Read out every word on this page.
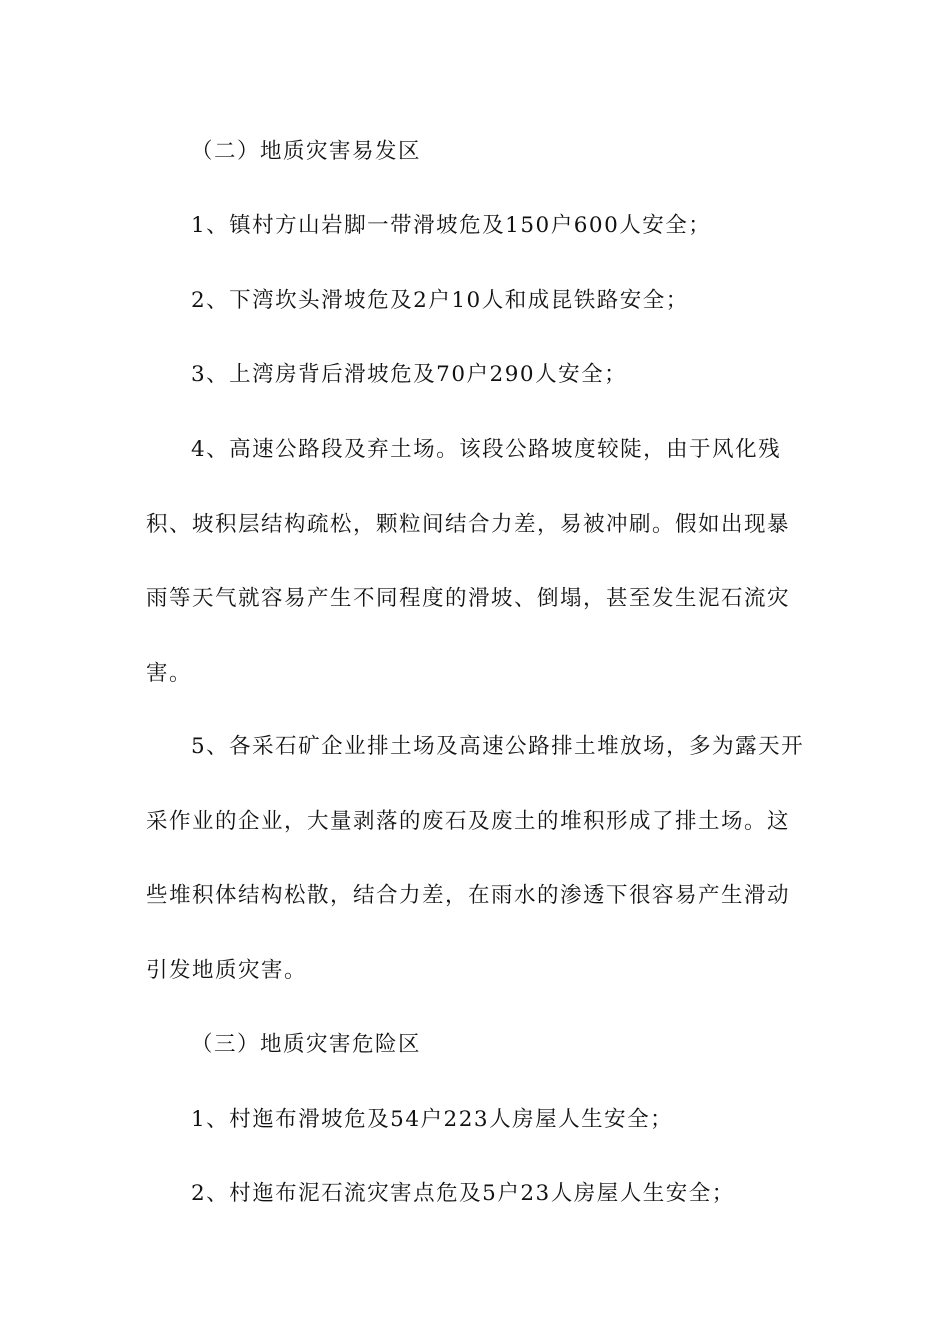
（二）地质灾害易发区

1、镇村方山岩脚一带滑坡危及150户600人安全；

2、下湾坎头滑坡危及2户10人和成昆铁路安全；

3、上湾房背后滑坡危及70户290人安全；

4、高速公路段及弃土场。该段公路坡度较陡，由于风化残积、坡积层结构疏松，颗粒间结合力差，易被冲刷。假如出现暴雨等天气就容易产生不同程度的滑坡、倒塌，甚至发生泥石流灾害。

5、各采石矿企业排土场及高速公路排土堆放场，多为露天开采作业的企业，大量剥落的废石及废土的堆积形成了排土场。这些堆积体结构松散，结合力差，在雨水的渗透下很容易产生滑动引发地质灾害。

（三）地质灾害危险区

1、村迤布滑坡危及54户223人房屋人生安全；

2、村迤布泥石流灾害点危及5户23人房屋人生安全；
